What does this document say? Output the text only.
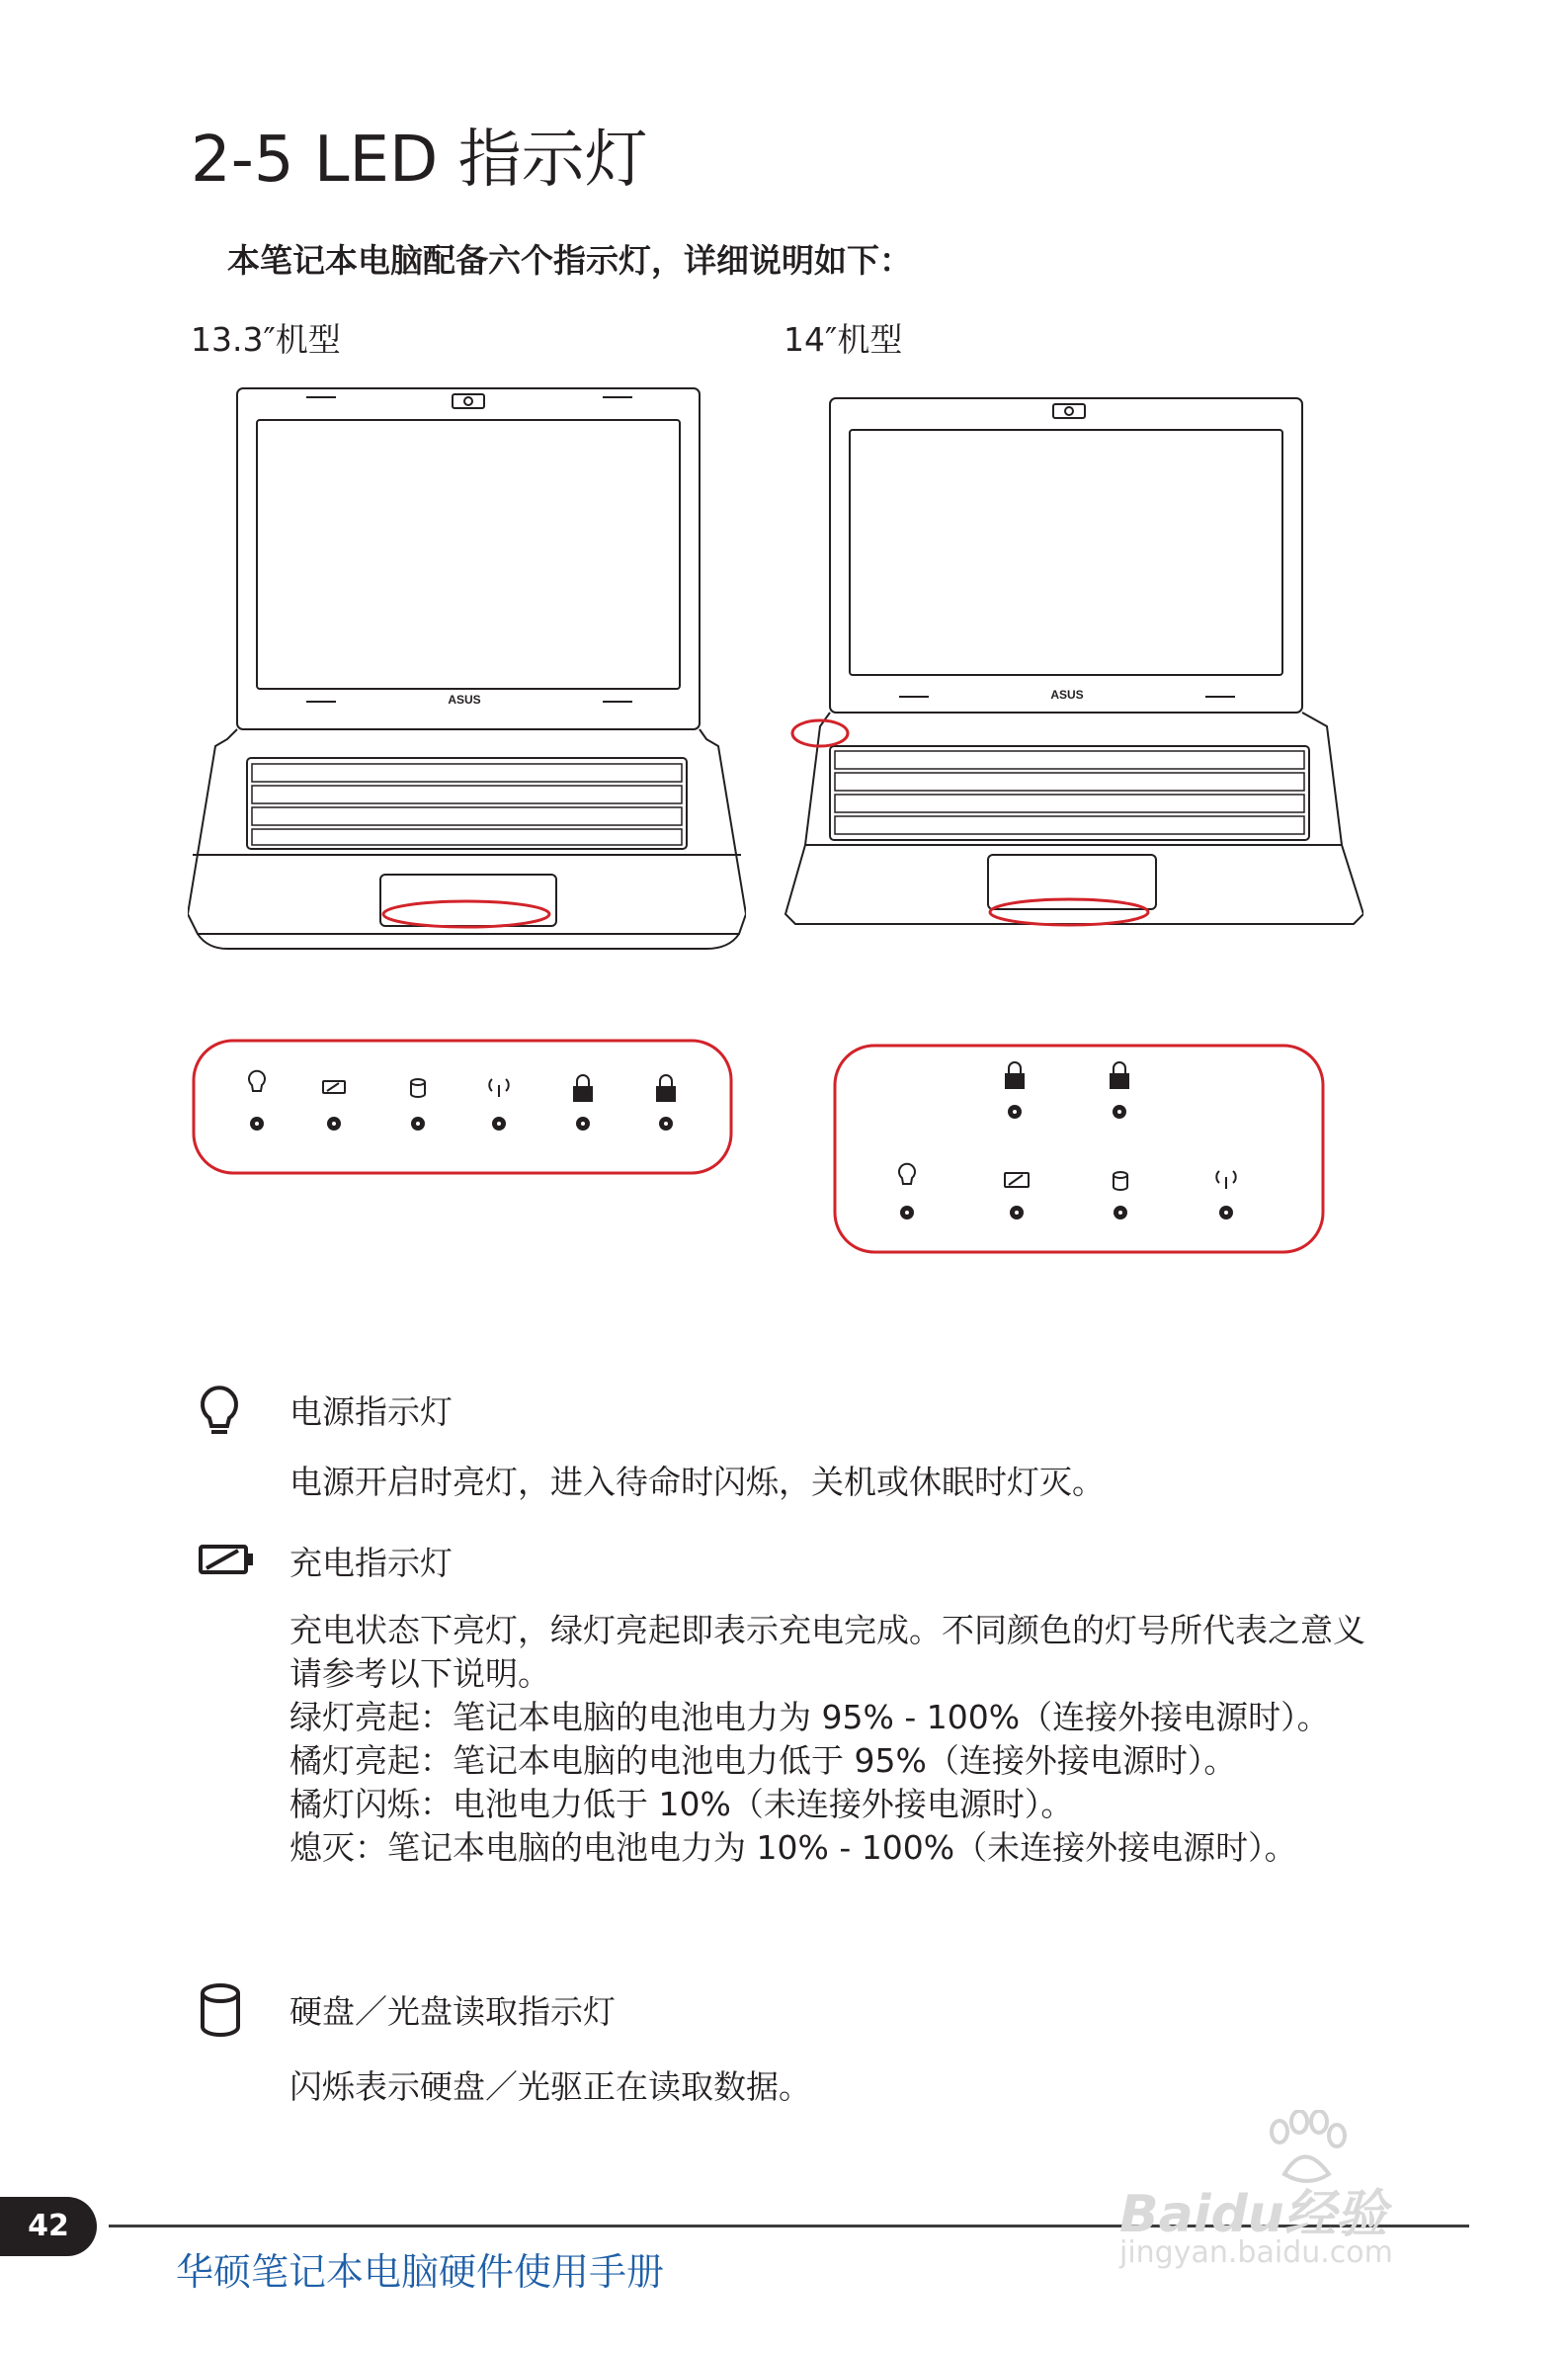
2-5 LED 指示灯
本笔记本电脑配备六个指示灯，详细说明如下：
13.3″机型	14″机型
ASUS	ASUS
电源指示灯
电源开启时亮灯，进入待命时闪烁，关机或休眠时灯灭。
充电指示灯
充电状态下亮灯，绿灯亮起即表示充电完成。不同颜色的灯号所代表之意义请参考以下说明。
绿灯亮起： 笔记本电脑的电池电力为 95% - 100%（连接外接电源时）。
橘灯亮起： 笔记本电脑的电池电力低于 95%（连接外接电源时）。
橘灯闪烁： 电池电力低于 10%（未连接外接电源时）。
熄灭： 笔记本电脑的电池电力为 10% - 100%（未连接外接电源时）。
硬盘／光盘读取指示灯
闪烁表示硬盘／光驱正在读取数据。
42
华硕笔记本电脑硬件使用手册
Baidu经验
jingyan.baidu.com
